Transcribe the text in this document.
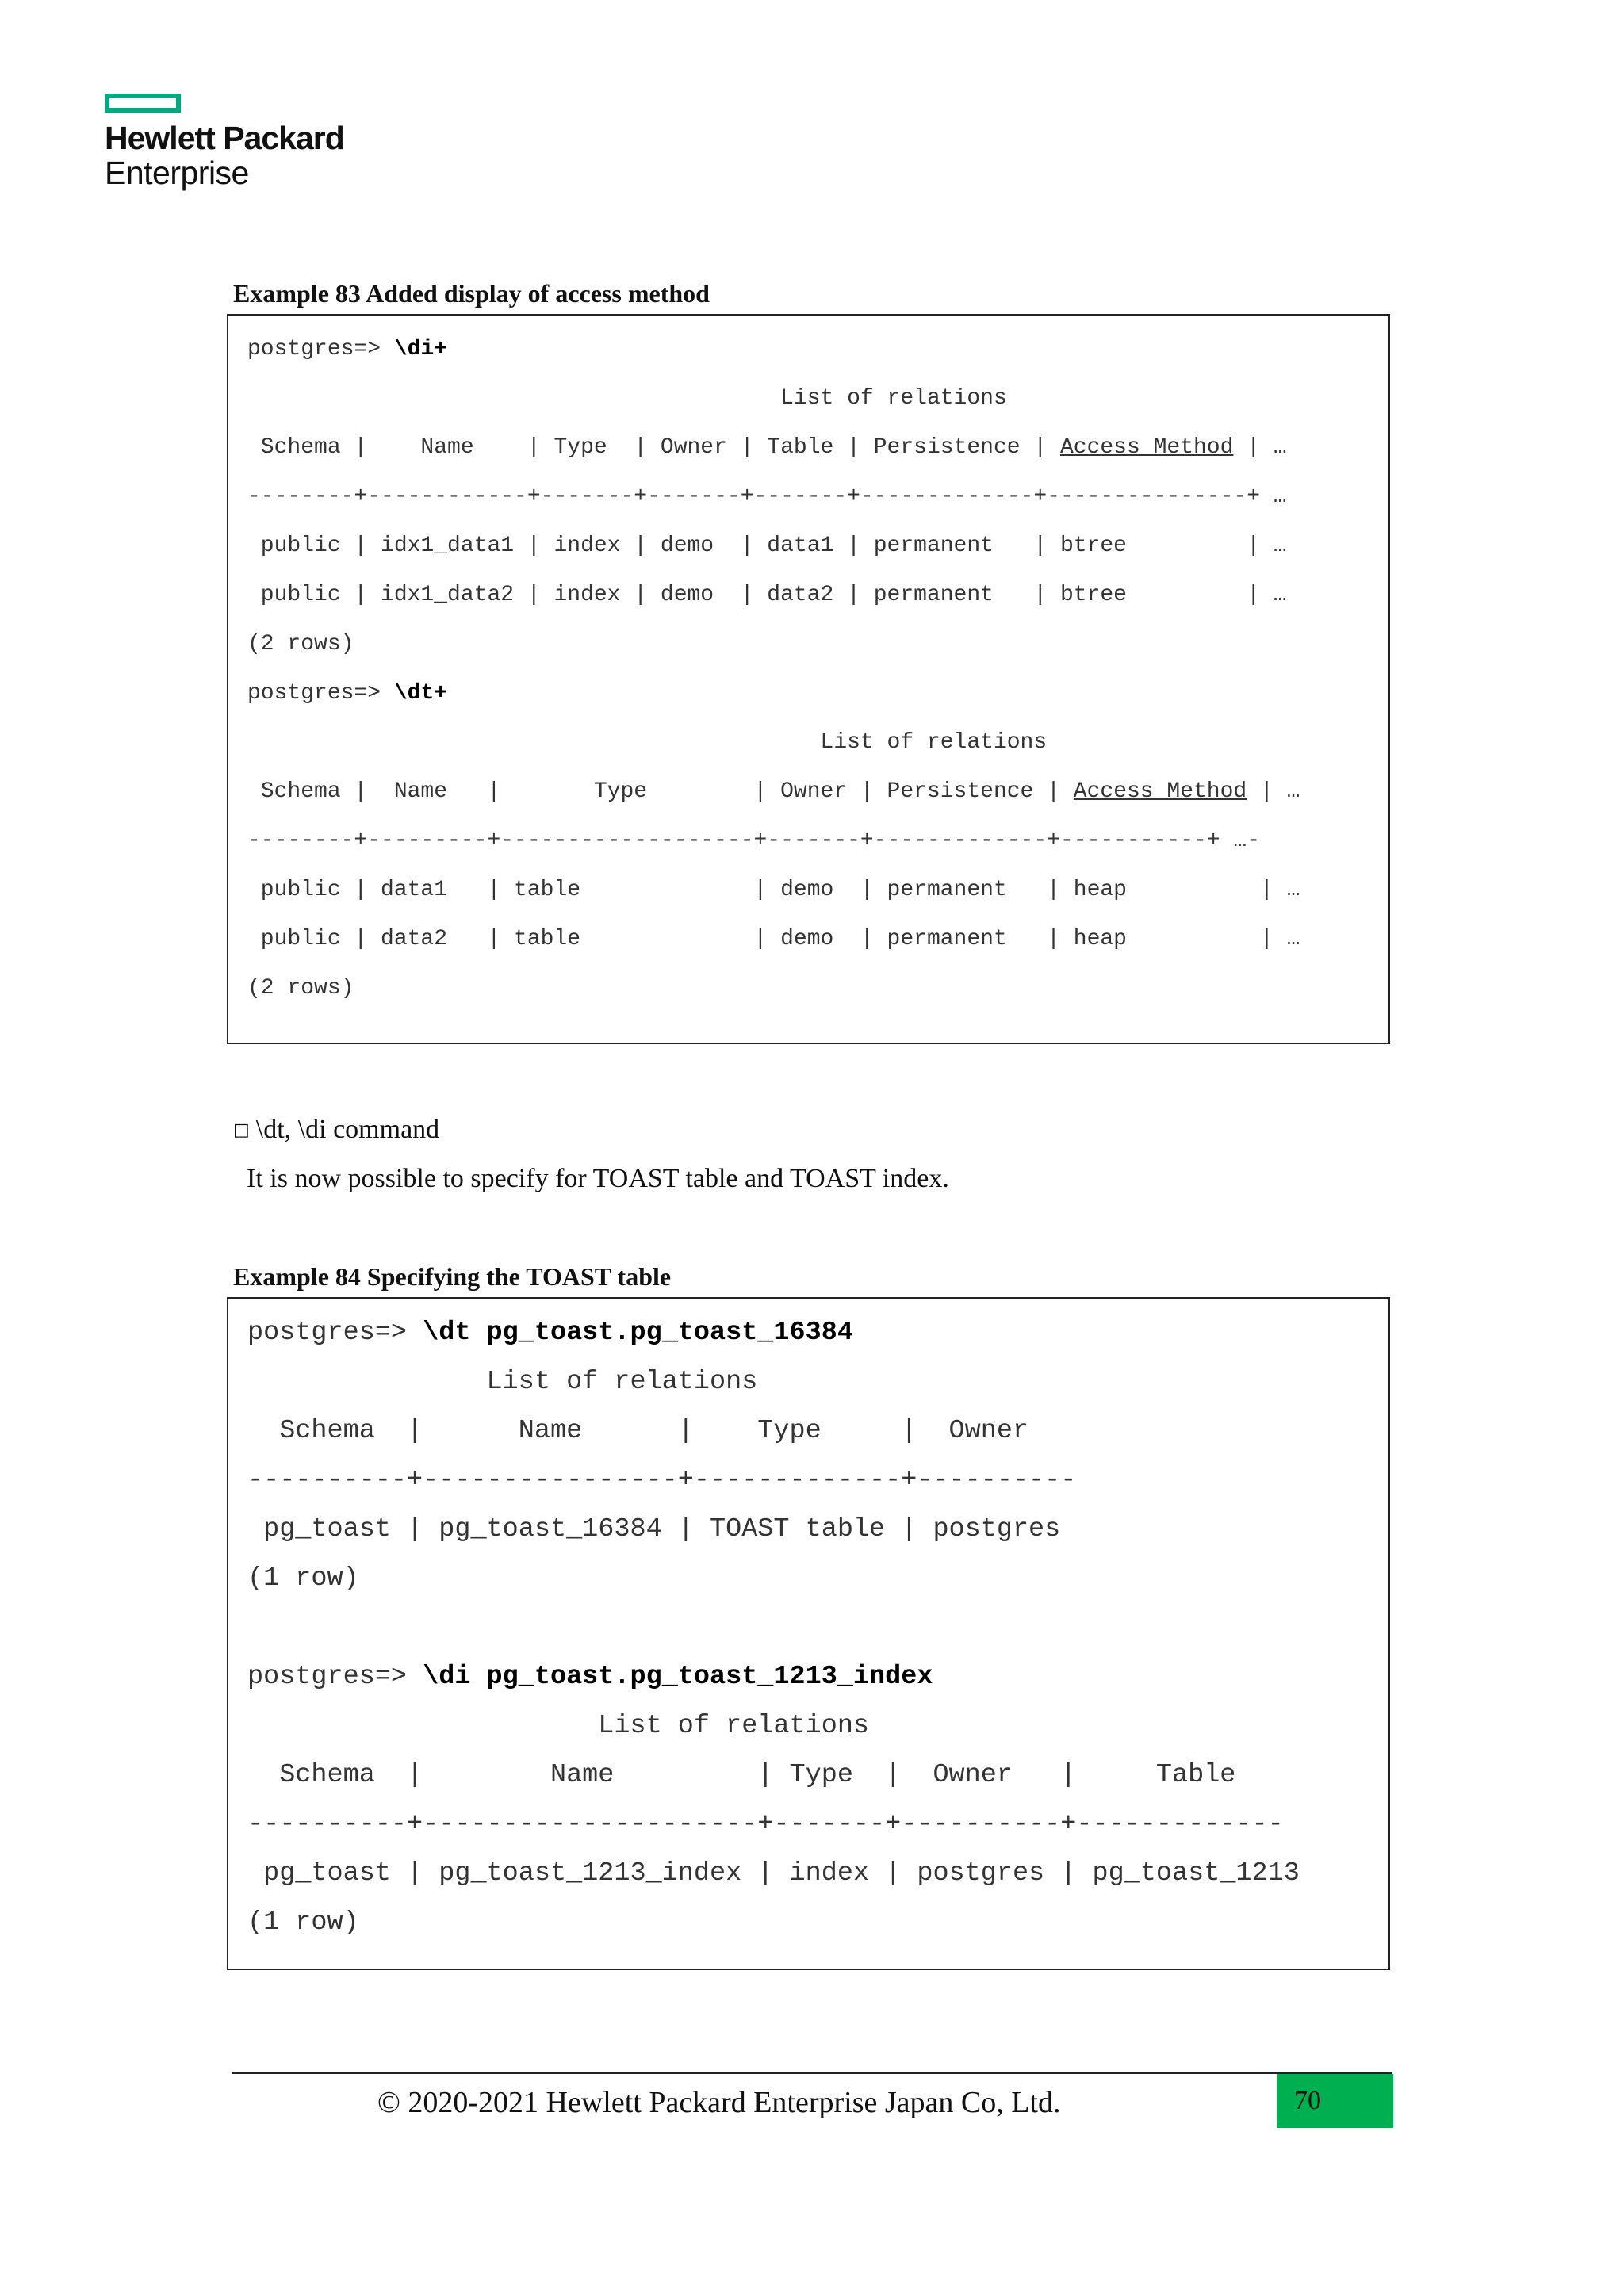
Hewlett Packard
Enterprise
Example 83 Added display of access method
postgres=> \di+
List of relations
Schema |    Name    | Type  | Owner | Table | Persistence | Access Method | …
--------+------------+-------+-------+-------+-------------+---------------+ …
public | idx1_data1 | index | demo  | data1 | permanent   | btree         | …
public | idx1_data2 | index | demo  | data2 | permanent   | btree         | …
(2 rows)
postgres=> \dt+
List of relations
Schema |  Name   |       Type        | Owner | Persistence | Access Method | …
--------+---------+-------------------+-------+-------------+-----------+ …-
public | data1   | table             | demo  | permanent   | heap          | …
public | data2   | table             | demo  | permanent   | heap          | …
(2 rows)
□ \dt, \di command
It is now possible to specify for TOAST table and TOAST index.
Example 84 Specifying the TOAST table
postgres=> \dt pg_toast.pg_toast_16384
List of relations
Schema  |      Name      |    Type     |  Owner
----------+----------------+-------------+----------
pg_toast | pg_toast_16384 | TOAST table | postgres
(1 row)
postgres=> \di pg_toast.pg_toast_1213_index
List of relations
Schema  |        Name         | Type  |  Owner   |     Table
----------+---------------------+-------+----------+-------------
pg_toast | pg_toast_1213_index | index | postgres | pg_toast_1213
(1 row)
© 2020-2021 Hewlett Packard Enterprise Japan Co, Ltd.	70
